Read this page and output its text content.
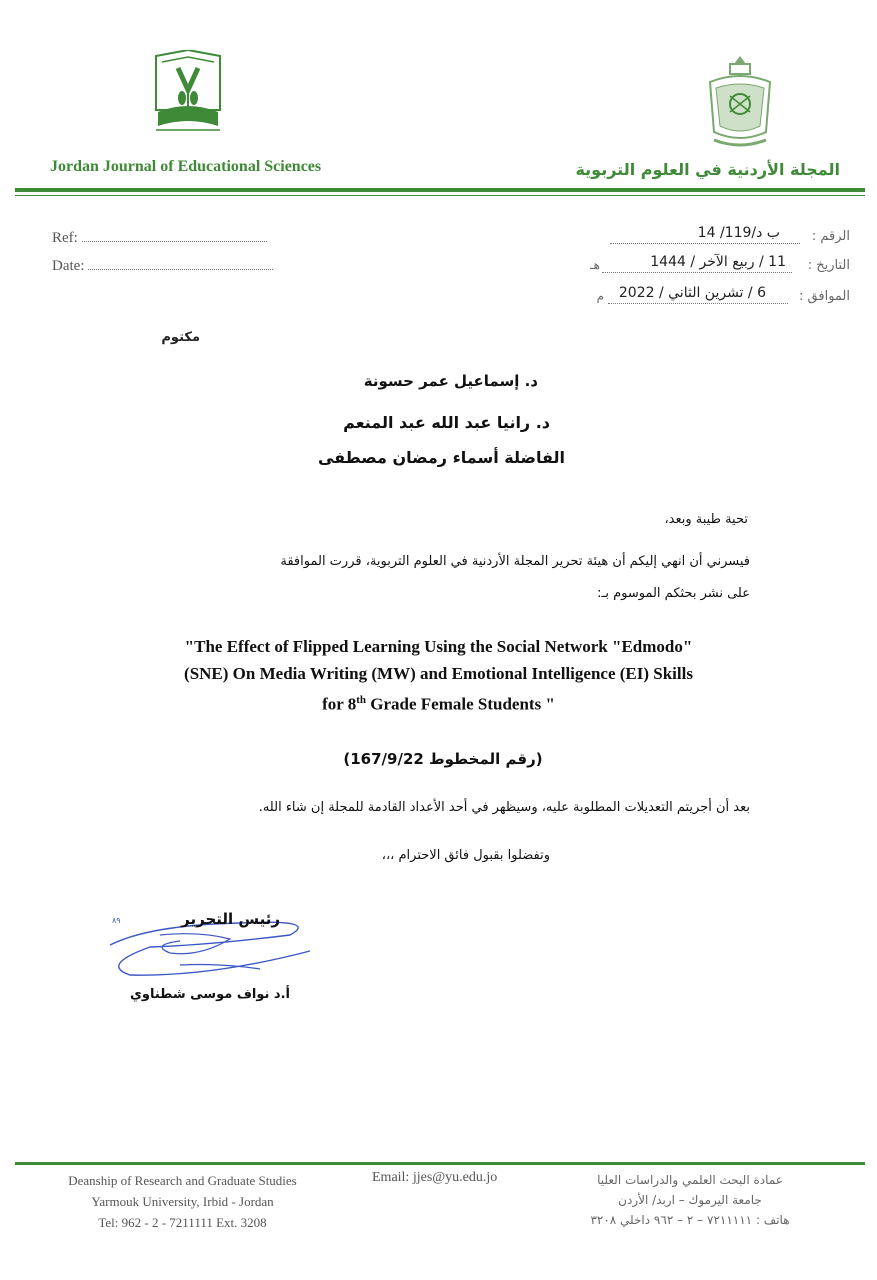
Jordan Journal of Educational Sciences	المجلة الأردنية في العلوم التربوية
Ref:
Date:
الرقم :
ب د/119/ 14
التاريخ :
11 / ربيع الآخر / 1444
هـ
الموافق :
6 / تشرين الثاني / 2022
م
مكتوم
د. إسماعيل عمر حسونة
د. رانيا عبد الله عبد المنعم
الفاضلة أسماء رمضان مصطفى
تحية طيبة وبعد،
فيسرني أن انهي إليكم أن هيئة تحرير المجلة الأردنية في العلوم التربوية، قررت الموافقة
على نشر بحثكم الموسوم بـ:
"The Effect of Flipped Learning Using the Social Network "Edmodo"
(SNE) On Media Writing (MW) and Emotional Intelligence (EI) Skills
for 8th Grade Female Students "
(رقم المخطوط 167/9/22)
بعد أن أجريتم التعديلات المطلوبة عليه، وسيظهر في أحد الأعداد القادمة للمجلة إن شاء الله.
وتفضلوا بقبول فائق الاحترام ،،،
٨٩	رئيس التحرير
أ.د نواف موسى شطناوي
Deanship of Research and Graduate Studies
Yarmouk University, Irbid - Jordan
Tel: 962 - 2 - 7211111 Ext. 3208
Email: jjes@yu.edu.jo	عمادة البحث العلمي والدراسات العليا
جامعة اليرموك – اربد/ الأردن
هاتف : ٧٢١١١١١ – ٢ – ٩٦٢ داخلي ٣٢٠٨
